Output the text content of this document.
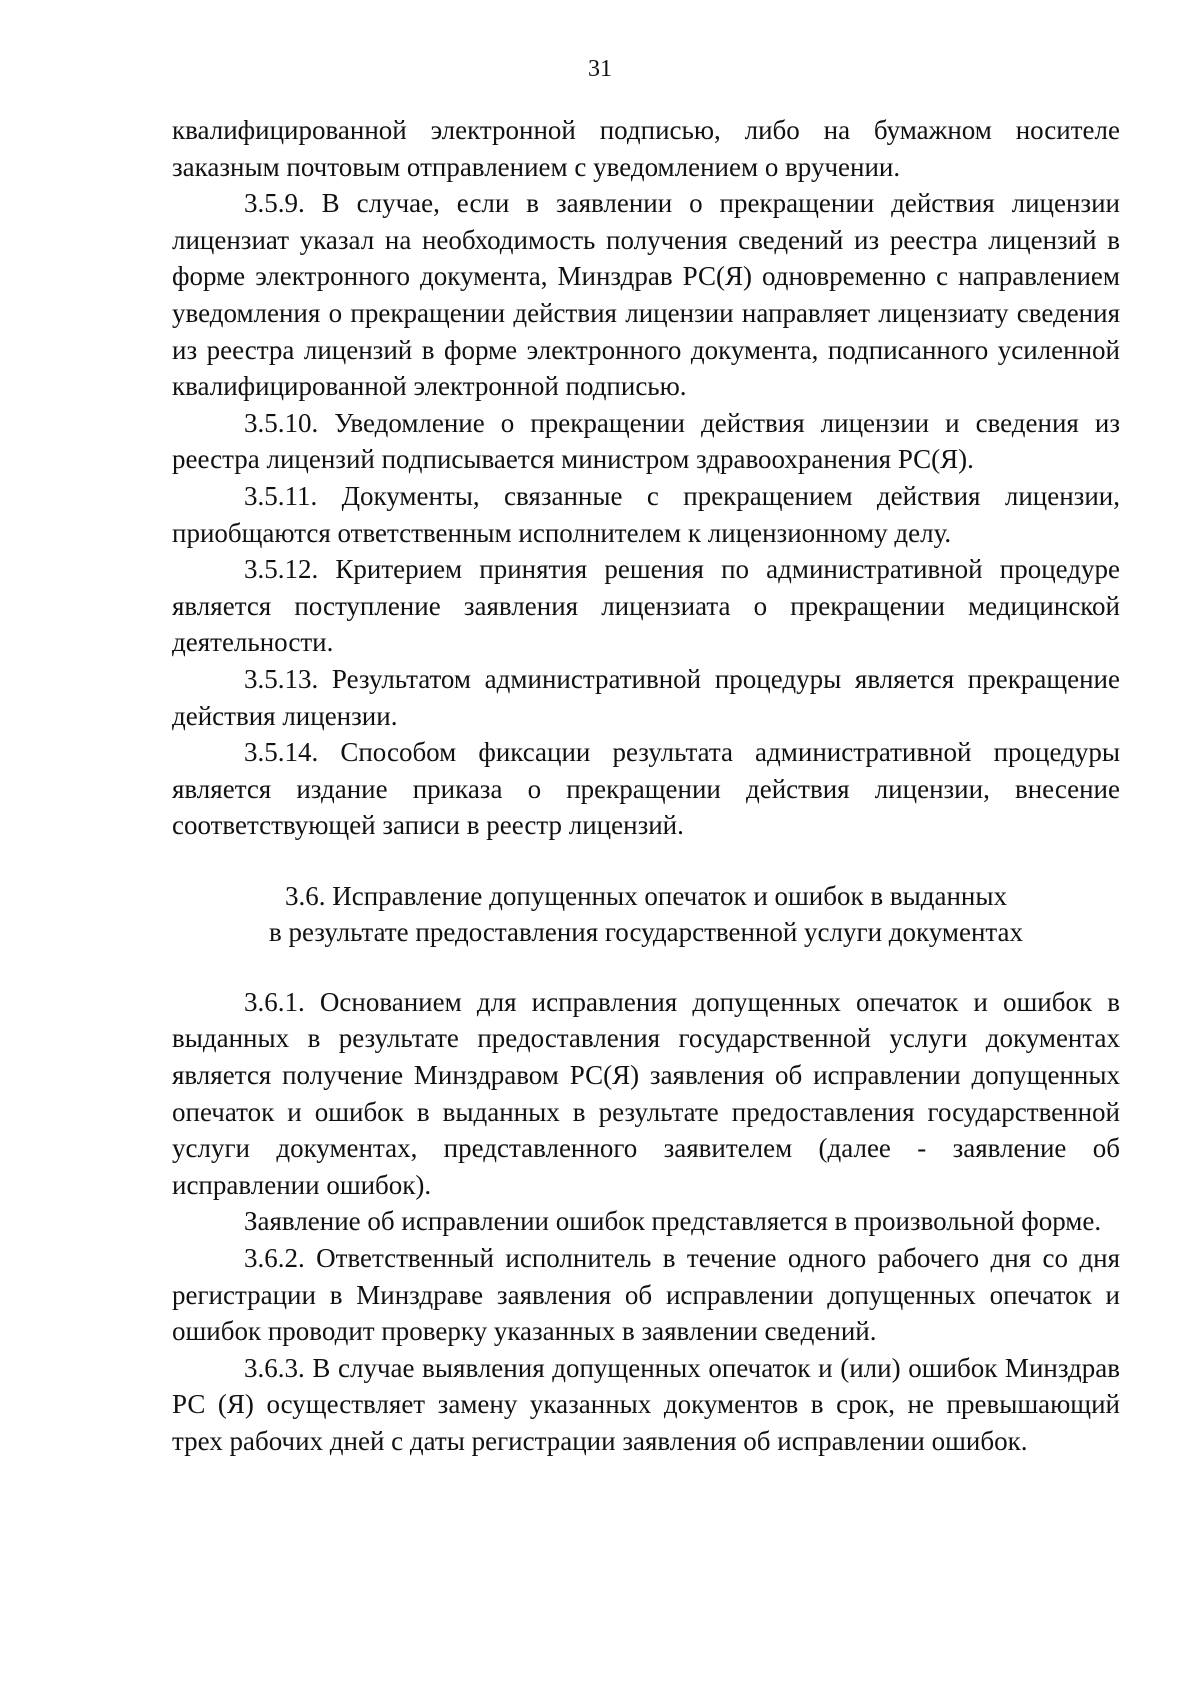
31

квалифицированной электронной подписью, либо на бумажном носителе заказным почтовым отправлением с уведомлением о вручении.

3.5.9. В случае, если в заявлении о прекращении действия лицензии лицензиат указал на необходимость получения сведений из реестра лицензий в форме электронного документа, Минздрав РС(Я) одновременно с направлением уведомления о прекращении действия лицензии направляет лицензиату сведения из реестра лицензий в форме электронного документа, подписанного усиленной квалифицированной электронной подписью.

3.5.10. Уведомление о прекращении действия лицензии и сведения из реестра лицензий подписывается министром здравоохранения РС(Я).

3.5.11. Документы, связанные с прекращением действия лицензии, приобщаются ответственным исполнителем к лицензионному делу.

3.5.12. Критерием принятия решения по административной процедуре является поступление заявления лицензиата о прекращении медицинской деятельности.

3.5.13. Результатом административной процедуры является прекращение действия лицензии.

3.5.14. Способом фиксации результата административной процедуры является издание приказа о прекращении действия лицензии, внесение соответствующей записи в реестр лицензий.

3.6. Исправление допущенных опечаток и ошибок в выданных
в результате предоставления государственной услуги документах

3.6.1. Основанием для исправления допущенных опечаток и ошибок в выданных в результате предоставления государственной услуги документах является получение Минздравом РС(Я) заявления об исправлении допущенных опечаток и ошибок в выданных в результате предоставления государственной услуги документах, представленного заявителем (далее - заявление об исправлении ошибок).

Заявление об исправлении ошибок представляется в произвольной форме.

3.6.2. Ответственный исполнитель в течение одного рабочего дня со дня регистрации в Минздраве заявления об исправлении допущенных опечаток и ошибок проводит проверку указанных в заявлении сведений.

3.6.3. В случае выявления допущенных опечаток и (или) ошибок Минздрав РС (Я) осуществляет замену указанных документов в срок, не превышающий трех рабочих дней с даты регистрации заявления об исправлении ошибок.
